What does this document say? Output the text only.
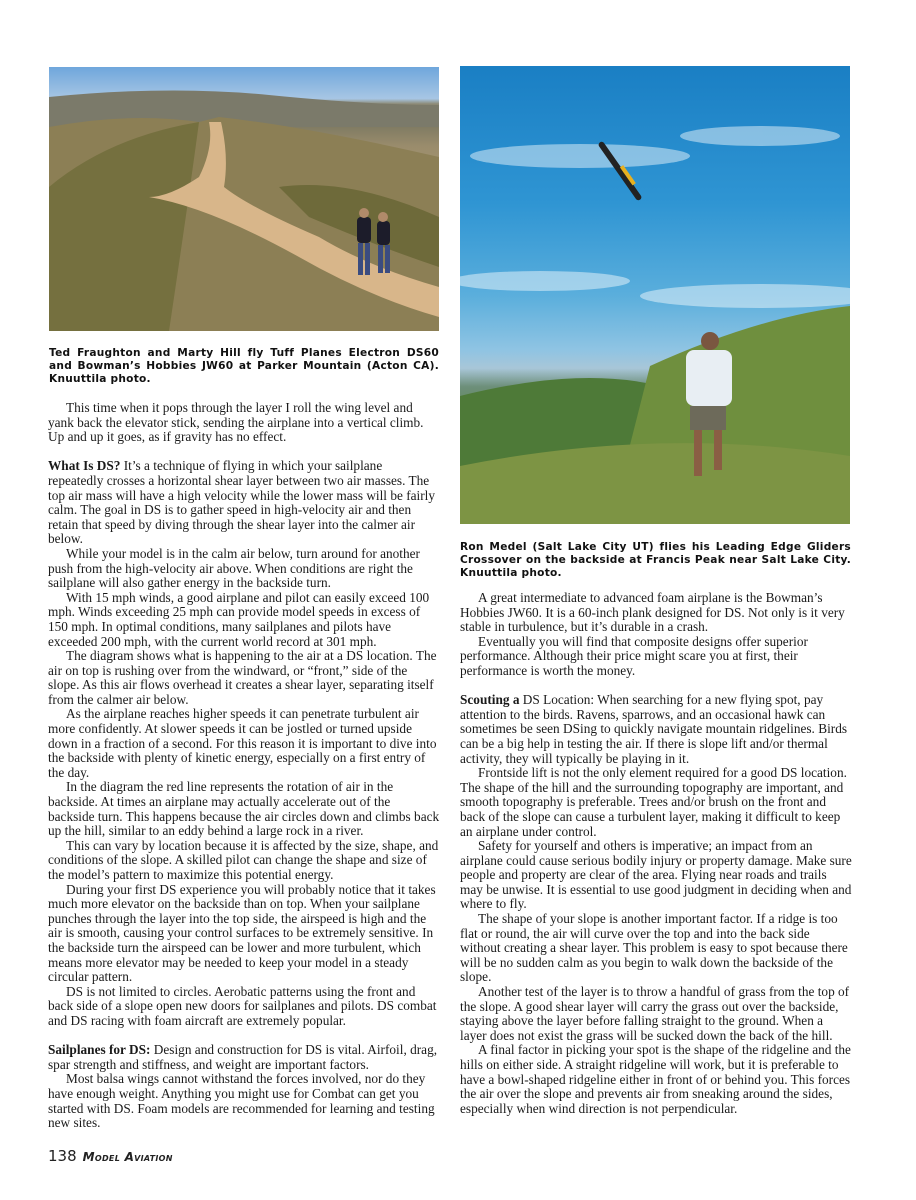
Ted Fraughton and Marty Hill fly Tuff Planes Electron DS60 and Bowman’s Hobbies JW60 at Parker Mountain (Acton CA). Knuuttila photo.
Ron Medel (Salt Lake City UT) flies his Leading Edge Gliders Crossover on the backside at Francis Peak near Salt Lake City. Knuuttila photo.

This time when it pops through the layer I roll the wing level and yank back the elevator stick, sending the airplane into a vertical climb. Up and up it goes, as if gravity has no effect.

What Is DS? It’s a technique of flying in which your sailplane repeatedly crosses a horizontal shear layer between two air masses. The top air mass will have a high velocity while the lower mass will be fairly calm. The goal in DS is to gather speed in high-velocity air and then retain that speed by diving through the shear layer into the calmer air below.

While your model is in the calm air below, turn around for another push from the high-velocity air above. When conditions are right the sailplane will also gather energy in the backside turn.

With 15 mph winds, a good airplane and pilot can easily exceed 100 mph. Winds exceeding 25 mph can provide model speeds in excess of 150 mph. In optimal conditions, many sailplanes and pilots have exceeded 200 mph, with the current world record at 301 mph.

The diagram shows what is happening to the air at a DS location. The air on top is rushing over from the windward, or “front,” side of the slope. As this air flows overhead it creates a shear layer, separating itself from the calmer air below.

As the airplane reaches higher speeds it can penetrate turbulent air more confidently. At slower speeds it can be jostled or turned upside down in a fraction of a second. For this reason it is important to dive into the backside with plenty of kinetic energy, especially on a first entry of the day.

In the diagram the red line represents the rotation of air in the backside. At times an airplane may actually accelerate out of the backside turn. This happens because the air circles down and climbs back up the hill, similar to an eddy behind a large rock in a river.

This can vary by location because it is affected by the size, shape, and conditions of the slope. A skilled pilot can change the shape and size of the model’s pattern to maximize this potential energy.

During your first DS experience you will probably notice that it takes much more elevator on the backside than on top. When your sailplane punches through the layer into the top side, the airspeed is high and the air is smooth, causing your control surfaces to be extremely sensitive. In the backside turn the airspeed can be lower and more turbulent, which means more elevator may be needed to keep your model in a steady circular pattern.

DS is not limited to circles. Aerobatic patterns using the front and back side of a slope open new doors for sailplanes and pilots. DS combat and DS racing with foam aircraft are extremely popular.

Sailplanes for DS: Design and construction for DS is vital. Airfoil, drag, spar strength and stiffness, and weight are important factors.

Most balsa wings cannot withstand the forces involved, nor do they have enough weight. Anything you might use for Combat can get you started with DS. Foam models are recommended for learning and testing new sites.

A great intermediate to advanced foam airplane is the Bowman’s Hobbies JW60. It is a 60-inch plank designed for DS. Not only is it very stable in turbulence, but it’s durable in a crash.

Eventually you will find that composite designs offer superior performance. Although their price might scare you at first, their performance is worth the money.

Scouting a DS Location: When searching for a new flying spot, pay attention to the birds. Ravens, sparrows, and an occasional hawk can sometimes be seen DSing to quickly navigate mountain ridgelines. Birds can be a big help in testing the air. If there is slope lift and/or thermal activity, they will typically be playing in it.

Frontside lift is not the only element required for a good DS location. The shape of the hill and the surrounding topography are important, and smooth topography is preferable. Trees and/or brush on the front and back of the slope can cause a turbulent layer, making it difficult to keep an airplane under control.

Safety for yourself and others is imperative; an impact from an airplane could cause serious bodily injury or property damage. Make sure people and property are clear of the area. Flying near roads and trails may be unwise. It is essential to use good judgment in deciding when and where to fly.

The shape of your slope is another important factor. If a ridge is too flat or round, the air will curve over the top and into the back side without creating a shear layer. This problem is easy to spot because there will be no sudden calm as you begin to walk down the backside of the slope.

Another test of the layer is to throw a handful of grass from the top of the slope. A good shear layer will carry the grass out over the backside, staying above the layer before falling straight to the ground. When a layer does not exist the grass will be sucked down the back of the hill.

A final factor in picking your spot is the shape of the ridgeline and the hills on either side. A straight ridgeline will work, but it is preferable to have a bowl-shaped ridgeline either in front of or behind you. This forces the air over the slope and prevents air from sneaking around the sides, especially when wind direction is not perpendicular.

138 Model Aviation
